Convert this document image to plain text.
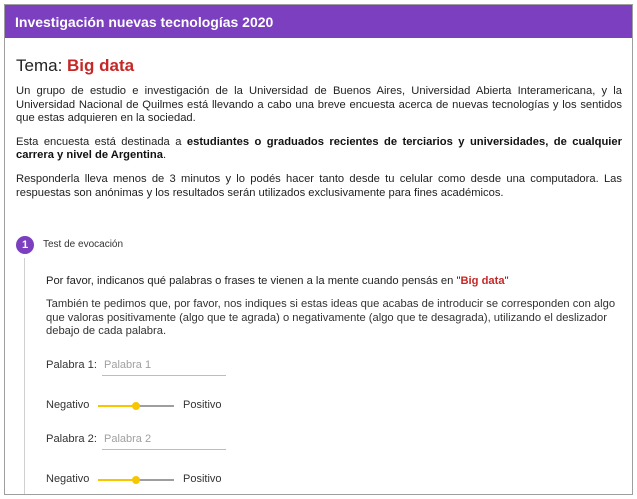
Investigación nuevas tecnologías 2020
Tema: Big data

Un grupo de estudio e investigación de la Universidad de Buenos Aires, Universidad Abierta Interamericana, y la Universidad Nacional de Quilmes está llevando a cabo una breve encuesta acerca de nuevas tecnologías y los sentidos que estas adquieren en la sociedad.

Esta encuesta está destinada a estudiantes o graduados recientes de terciarios y universidades, de cualquier carrera y nivel de Argentina.

Responderla lleva menos de 3 minutos y lo podés hacer tanto desde tu celular como desde una computadora. Las respuestas son anónimas y los resultados serán utilizados exclusivamente para fines académicos.

1	Test de evocación

Por favor, indicanos qué palabras o frases te vienen a la mente cuando pensás en "Big data"

También te pedimos que, por favor, nos indiques si estas ideas que acabas de introducir se corresponden con algo que valoras positivamente (algo que te agrada) o negativamente (algo que te desagrada), utilizando el deslizador debajo de cada palabra.

Palabra 1:
Palabra 1
Negativo	Positivo
Palabra 2:
Palabra 2
Negativo	Positivo
